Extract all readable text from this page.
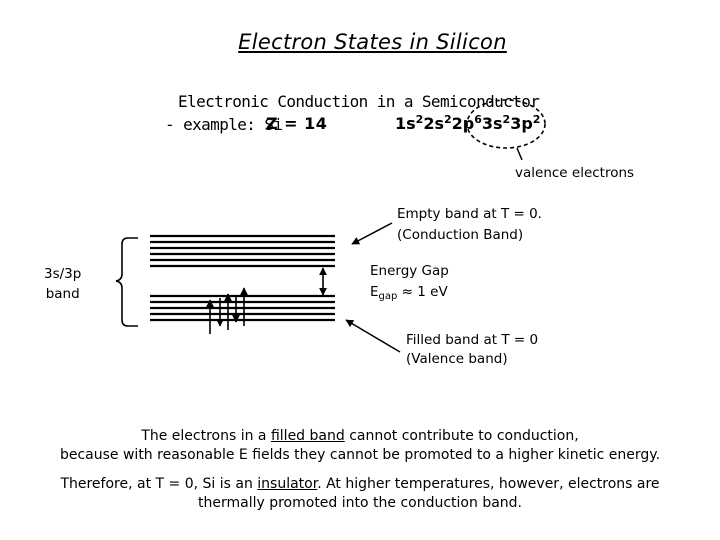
Electron States in Silicon
Electronic Conduction in a Semiconductor
- example: Si
Z = 14	$1s^22s^22p^63s^23p^2$
valence electrons
Empty band at T = 0.
(Conduction Band)
Energy Gap
$E_{gap} \approx 1$ eV
Filled band at T = 0
(Valence band)
3s/3p
band
The electrons in a filled band cannot contribute to conduction,
because with reasonable E fields they cannot be promoted to a higher kinetic energy.
Therefore, at T = 0, Si is an insulator. At higher temperatures, however, electrons are
thermally promoted into the conduction band.
